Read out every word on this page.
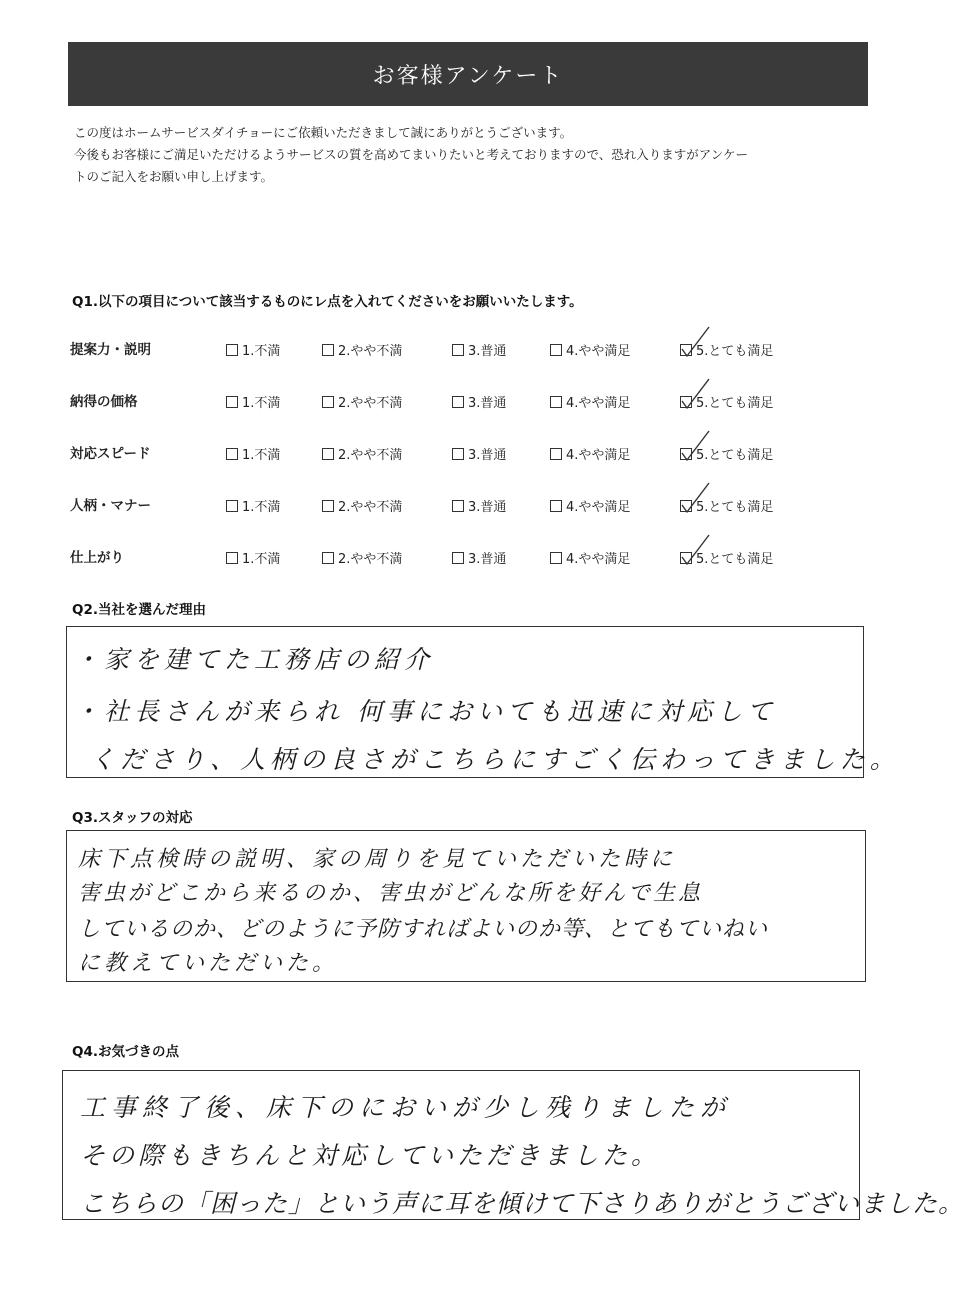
お客様アンケート
この度はホームサービスダイチョーにご依頼いただきまして誠にありがとうございます。
今後もお客様にご満足いただけるようサービスの質を高めてまいりたいと考えておりますので、恐れ入りますがアンケー
トのご記入をお願い申し上げます。
Q1.以下の項目について該当するものにレ点を入れてくださいをお願いいたします。
提案力・説明	1.不満	2.やや不満	3.普通	4.やや満足	5.とても満足
納得の価格	1.不満	2.やや不満	3.普通	4.やや満足	5.とても満足
対応スピード	1.不満	2.やや不満	3.普通	4.やや満足	5.とても満足
人柄・マナー	1.不満	2.やや不満	3.普通	4.やや満足	5.とても満足
仕上がり	1.不満	2.やや不満	3.普通	4.やや満足	5.とても満足
Q2.当社を選んだ理由
・家を建てた工務店の紹介
・社長さんが来られ 何事においても迅速に対応して
くださり、人柄の良さがこちらにすごく伝わってきました。
Q3.スタッフの対応
床下点検時の説明、家の周りを見ていただいた時に
害虫がどこから来るのか、害虫がどんな所を好んで生息
しているのか、どのように予防すればよいのか等、とてもていねい
に教えていただいた。
Q4.お気づきの点
工事終了後、床下のにおいが少し残りましたが
その際もきちんと対応していただきました。
こちらの「困った」という声に耳を傾けて下さりありがとうございました。
